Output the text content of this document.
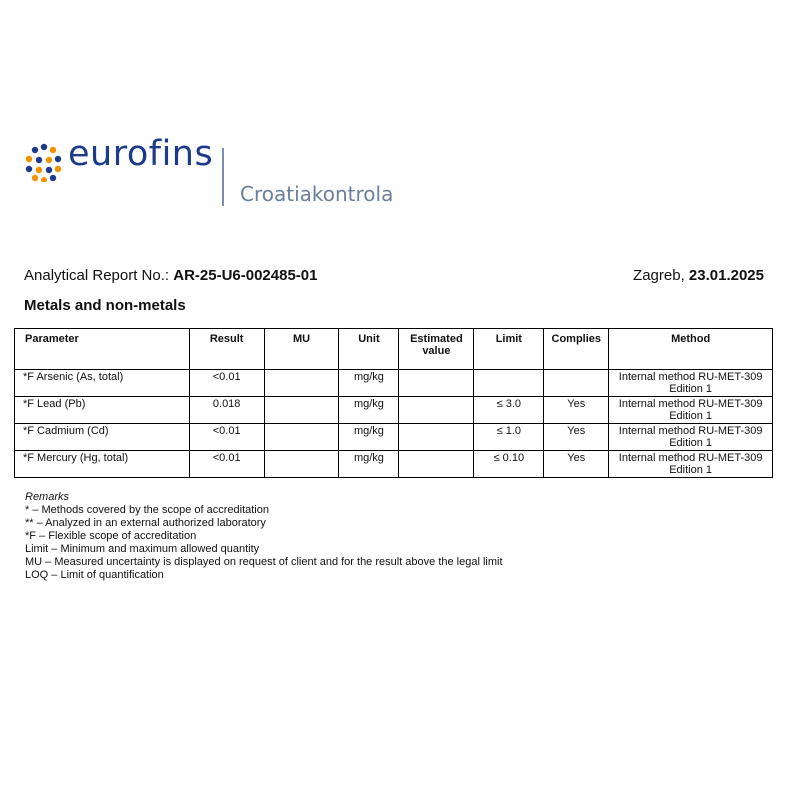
eurofins
Croatiakontrola
Analytical Report No.: AR-25-U6-002485-01	Zagreb, 23.01.2025
Metals and non-metals
Parameter	Result	MU	Unit	Estimated value	Limit	Complies	Method
*F Arsenic (As, total)	<0.01		mg/kg				Internal method RU-MET-309
Edition 1
*F Lead (Pb)	0.018		mg/kg		≤ 3.0	Yes	Internal method RU-MET-309
Edition 1
*F Cadmium (Cd)	<0.01		mg/kg		≤ 1.0	Yes	Internal method RU-MET-309
Edition 1
*F Mercury (Hg, total)	<0.01		mg/kg		≤ 0.10	Yes	Internal method RU-MET-309
Edition 1
Remarks
* – Methods covered by the scope of accreditation
** – Analyzed in an external authorized laboratory
*F – Flexible scope of accreditation
Limit – Minimum and maximum allowed quantity
MU – Measured uncertainty is displayed on request of client and for the result above the legal limit
LOQ – Limit of quantification
